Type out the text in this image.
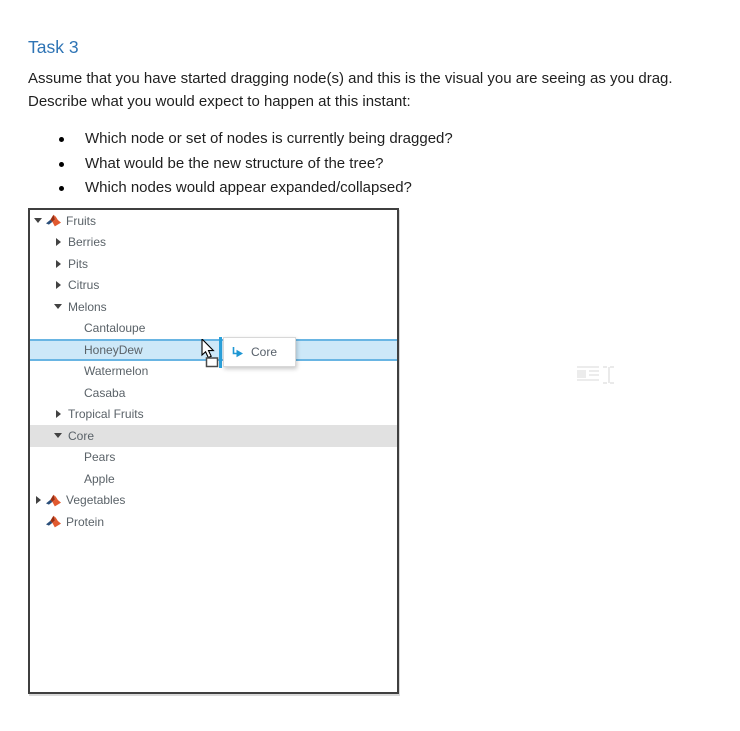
Task 3
Assume that you have started dragging node(s) and this is the visual you are seeing as you drag.
Describe what you would expect to happen at this instant:
Which node or set of nodes is currently being dragged?
What would be the new structure of the tree?
Which nodes would appear expanded/collapsed?
Fruits
Berries
Pits
Citrus
Melons
Cantaloupe
HoneyDew
Watermelon
Casaba
Tropical Fruits
Core
Pears
Apple
Vegetables
Protein
Core
